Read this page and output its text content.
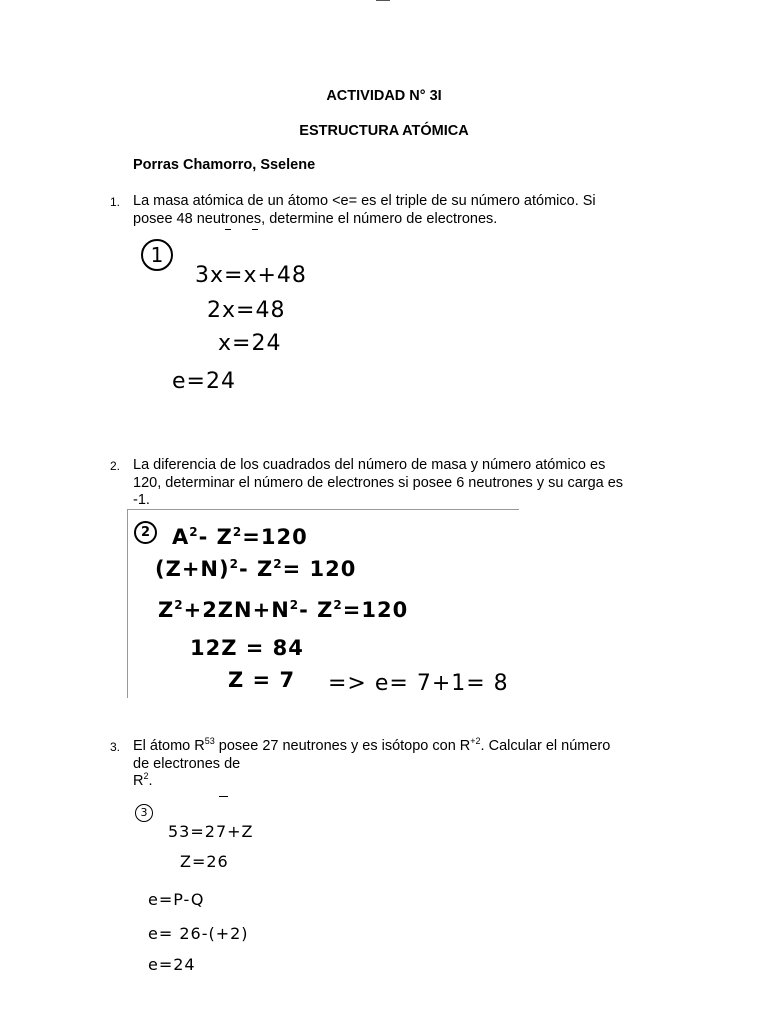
ACTIVIDAD N° 3I
ESTRUCTURA ATÓMICA
Porras Chamorro, Sselene
1. La masa atómica de un átomo <e= es el triple de su número atómico. Si
posee 48 neutrones, determine el número de electrones.
1
3x=x+48
2x=48
x=24
e=24
2. La diferencia de los cuadrados del número de masa y número atómico es
120, determinar el número de electrones si posee 6 neutrones y su carga es
-1.
2	$A^2-$ $Z^2=120$
$(Z+N)^2-$ $Z^2= 120$
$Z^2+2ZN+N^2-$ $Z^2=120$
12Z = 84
Z = 7 => e= 7+1= 8
3. El átomo $R^{53}$ posee 27 neutrones y es isótopo con $R^{+2}$. Calcular el número
de electrones de
$R^2$.
3
53=27+Z
Z=26
e=P-Q
e= 26-(+2)
e=24
